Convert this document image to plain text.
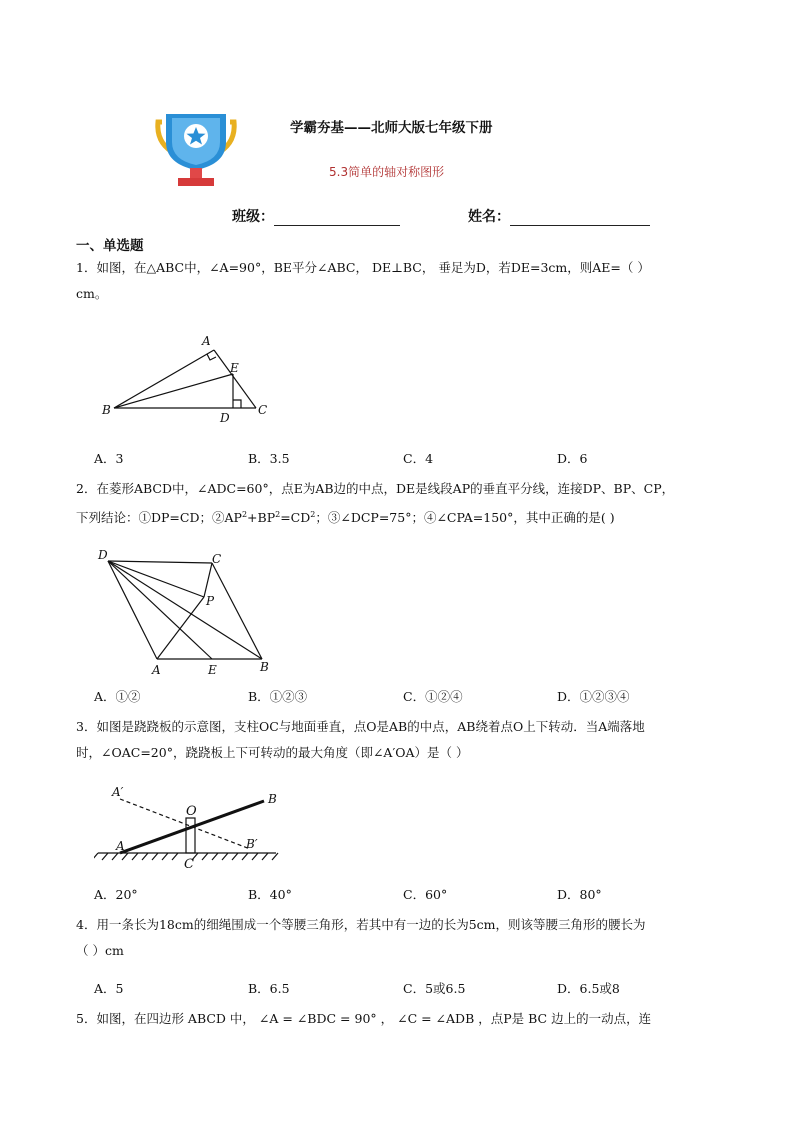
学霸夯基——北师大版七年级下册
5.3简单的轴对称图形
班级：	姓名：
一、单选题
1．如图，在△ABC中，∠A=90°，BE平分∠ABC， DE⊥BC， 垂足为D，若DE=3cm，则AE=（ ）
cm。
A
B	C
D
E
A．3	B．3.5	C．4	D．6
2．在菱形ABCD中，∠ADC=60°，点E为AB边的中点，DE是线段AP的垂直平分线，连接DP、BP、CP，
下列结论：①DP=CD；$②AP^2+BP^2=CD^2$；③∠DCP=75°；④∠CPA=150°，其中正确的是( )
D	C
P
A	E	B
A．①②	B．①②③	C．①②④	D．①②③④
3．如图是跷跷板的示意图，支柱OC与地面垂直，点O是AB的中点，AB绕着点O上下转动．当A端落地
时，∠OAC=20°，跷跷板上下可转动的最大角度（即∠A′OA）是（ ）
A′
O
B
A	B′
C
A．20°	B．40°	C．60°	D．80°
4．用一条长为18cm的细绳围成一个等腰三角形，若其中有一边的长为5cm，则该等腰三角形的腰长为
（ ）cm
A．5	B．6.5	C．5或6.5	D．6.5或8
5．如图，在四边形 ABCD 中， ∠A = ∠BDC = 90° ， ∠C = ∠ADB ，点P是 BC 边上的一动点，连
